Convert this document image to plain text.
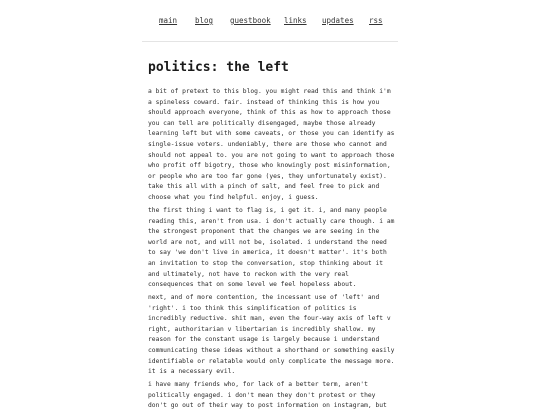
main blog guestbook links updates rss
politics: the left
a bit of pretext to this blog. you might read this and think i'm
a spineless coward. fair. instead of thinking this is how you
should approach everyone, think of this as how to approach those
you can tell are politically disengaged, maybe those already
learning left but with some caveats, or those you can identify as
single-issue voters. undeniably, there are those who cannot and
should not appeal to. you are not going to want to approach those
who profit off bigotry, those who knowingly post misinformation,
or people who are too far gone (yes, they unfortunately exist).
take this all with a pinch of salt, and feel free to pick and
choose what you find helpful. enjoy, i guess.
the first thing i want to flag is, i get it. i, and many people
reading this, aren't from usa. i don't actually care though. i am
the strongest proponent that the changes we are seeing in the
world are not, and will not be, isolated. i understand the need
to say 'we don't live in america, it doesn't matter'. it's both
an invitation to stop the conversation, stop thinking about it
and ultimately, not have to reckon with the very real
consequences that on some level we feel hopeless about.
next, and of more contention, the incessant use of 'left' and
'right'. i too think this simplification of politics is
incredibly reductive. shit man, even the four-way axis of left v
right, authoritarian v libertarian is incredibly shallow. my
reason for the constant usage is largely because i understand
communicating these ideas without a shorthand or something easily
identifiable or relatable would only complicate the message more.
it is a necessary evil.
i have many friends who, for lack of a better term, aren't
politically engaged. i don't mean they don't protest or they
don't go out of their way to post information on instagram, but
